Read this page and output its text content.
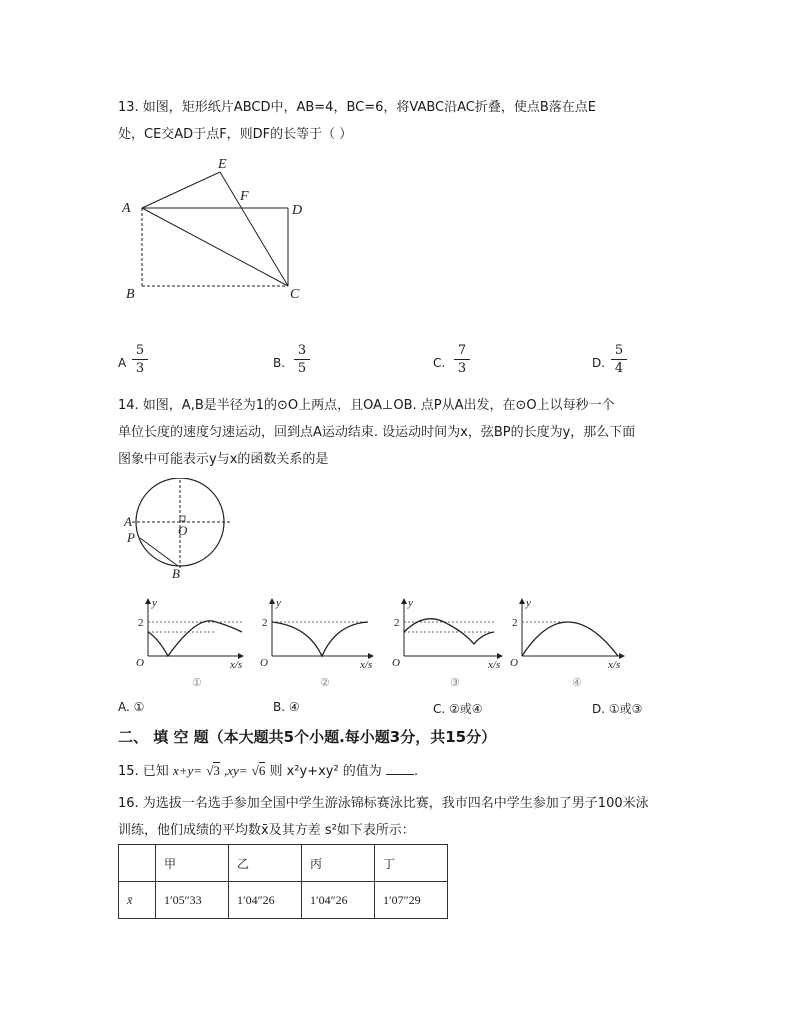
13. 如图，矩形纸片ABCD中，AB=4，BC=6，将VABC沿AC折叠，使点B落在点E
处，CE交AD于点F，则DF的长等于（ ）
A
B	C
D
E
F
A
5
3	B.
3
5	C.
7
3	D.
5
4
14. 如图，A,B是半径为1的⊙O上两点，且OA⊥OB. 点P从A出发，在⊙O上以每秒一个
单位长度的速度匀速运动，回到点A运动结束. 设运动时间为x，弦BP的长度为y，那么下面
图象中可能表示y与x的函数关系的是
A
O
P
B
y
2
O	x/s
①
y
2
O	x/s
②
y
2
O	x/s
③
y
2
O	x/s
④
A. ①	B. ④	C. ②或④	D. ①或③
二、 填 空 题（本大题共5个小题.每小题3分，共15分）
15. 已知 x+y= √3 ,xy= √6 则 x²y+xy² 的值为 .
16. 为选拔一名选手参加全国中学生游泳锦标赛泳比赛，我市四名中学生参加了男子100米泳
训练，他们成绩的平均数x̄及其方差 s²如下表所示：
	甲	乙	丙	丁
x̄	1′05″33	1′04″26	1′04″26	1′07″29
